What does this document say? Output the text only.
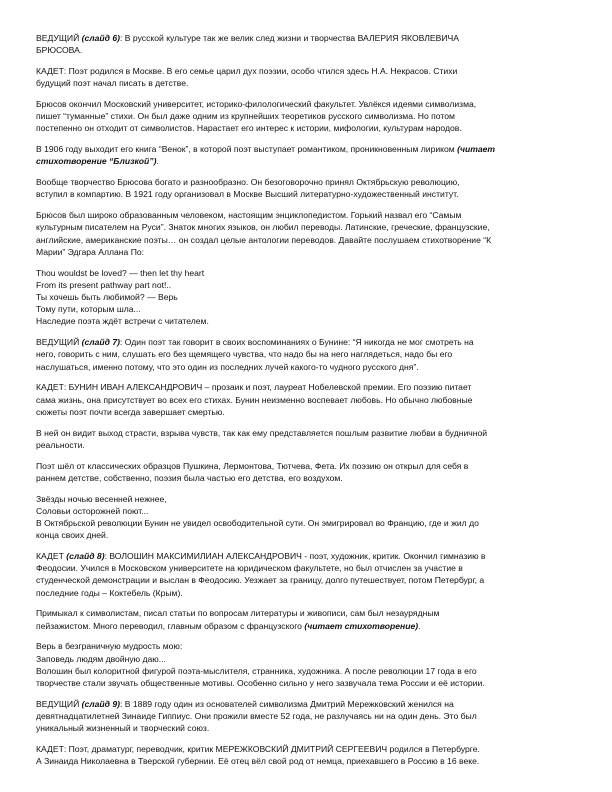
ВЕДУЩИЙ (слайд 6): В русской культуре так же велик след жизни и творчества ВАЛЕРИЯ ЯКОВЛЕВИЧА
БРЮСОВА.
КАДЕТ: Поэт родился в Москве. В его семье царил дух поэзии, особо чтился здесь Н.А. Некрасов. Стихи
будущий поэт начал писать в детстве.
Брюсов окончил Московский университет, историко-филологический факультет. Увлёкся идеями символизма,
пишет “туманные” стихи. Он был даже одним из крупнейших теоретиков русского символизма. Но потом
постепенно он отходит от символистов. Нарастает его интерес к истории, мифологии, культурам народов.
В 1906 году выходит его книга “Венок”, в которой поэт выступает романтиком, проникновенным лириком (читает
стихотворение “Близкой”).
Вообще творчество Брюсова богато и разнообразно. Он безоговорочно принял Октябрьскую революцию,
вступил в компартию. В 1921 году организовал в Москве Высший литературно-художественный институт.
Брюсов был широко образованным человеком, настоящим энциклопедистом. Горький назвал его “Самым
культурным писателем на Руси”. Знаток многих языков, он любил переводы. Латинские, греческие, французские,
английские, американские поэты… он создал целые антологии переводов. Давайте послушаем стихотворение “К
Марии” Эдгара Аллана По:
Thou wouldst be loved? — then let thy heart
From its present pathway part not!..
Ты хочешь быть любимой? — Верь
Тому пути, которым шла...
Наследие поэта ждёт встречи с читателем.
ВЕДУЩИЙ (слайд 7): Один поэт так говорит в своих воспоминаниях о Бунине: “Я никогда не мог смотреть на
него, говорить с ним, слушать его без щемящего чувства, что надо бы на него наглядеться, надо бы его
наслушаться, именно потому, что это один из последних лучей какого-то чудного русского дня”.
КАДЕТ: БУНИН ИВАН АЛЕКСАНДРОВИЧ – прозаик и поэт, лауреат Нобелевской премии. Его поэзию питает
сама жизнь, она присутствует во всех его стихах. Бунин неизменно воспевает любовь. Но обычно любовные
сюжеты поэт почти всегда завершает смертью.
В ней он видит выход страсти, взрыва чувств, так как ему представляется пошлым развитие любви в будничной
реальности.
Поэт шёл от классических образцов Пушкина, Лермонтова, Тютчева, Фета. Их поэзию он открыл для себя в
раннем детстве, собственно, поэзия была частью его детства, его воздухом.
Звёзды ночью весенней нежнее,
Соловьи осторожней поют...
В Октябрьской революции Бунин не увидел освободительной сути. Он эмигрировал во Францию, где и жил до
конца своих дней.
КАДЕТ (слайд 8): ВОЛОШИН МАКСИМИЛИАН АЛЕКСАНДРОВИЧ - поэт, художник, критик. Окончил гимназию в
Феодосии. Учился в Московском университете на юридическом факультете, но был отчислен за участие в
студенческой демонстрации и выслан в Феодосию. Уезжает за границу, долго путешествует, потом Петербург, а
последние годы – Коктебель (Крым).
Примыкал к символистам, писал статьи по вопросам литературы и живописи, сам был незаурядным
пейзажистом. Много переводил, главным образом с французского (читает стихотворение).
Верь в безграничную мудрость мою:
Заповедь людям двойную даю...
Волошин был колоритной фигурой поэта-мыслителя, странника, художника. А после революции 17 года в его
творчестве стали звучать общественные мотивы. Особенно сильно у него зазвучала тема России и её истории.
ВЕДУЩИЙ (слайд 9): В 1889 году один из основателей символизма Дмитрий Мережковский женился на
девятнадцатилетней Зинаиде Гиппиус. Они прожили вместе 52 года, не разлучаясь ни на один день. Это был
уникальный жизненный и творческий союз.
КАДЕТ: Поэт, драматург, переводчик, критик МЕРЕЖКОВСКИЙ ДМИТРИЙ СЕРГЕЕВИЧ родился в Петербурге.
А Зинаида Николаевна в Тверской губернии. Её отец вёл свой род от немца, приехавшего в Россию в 16 веке.
